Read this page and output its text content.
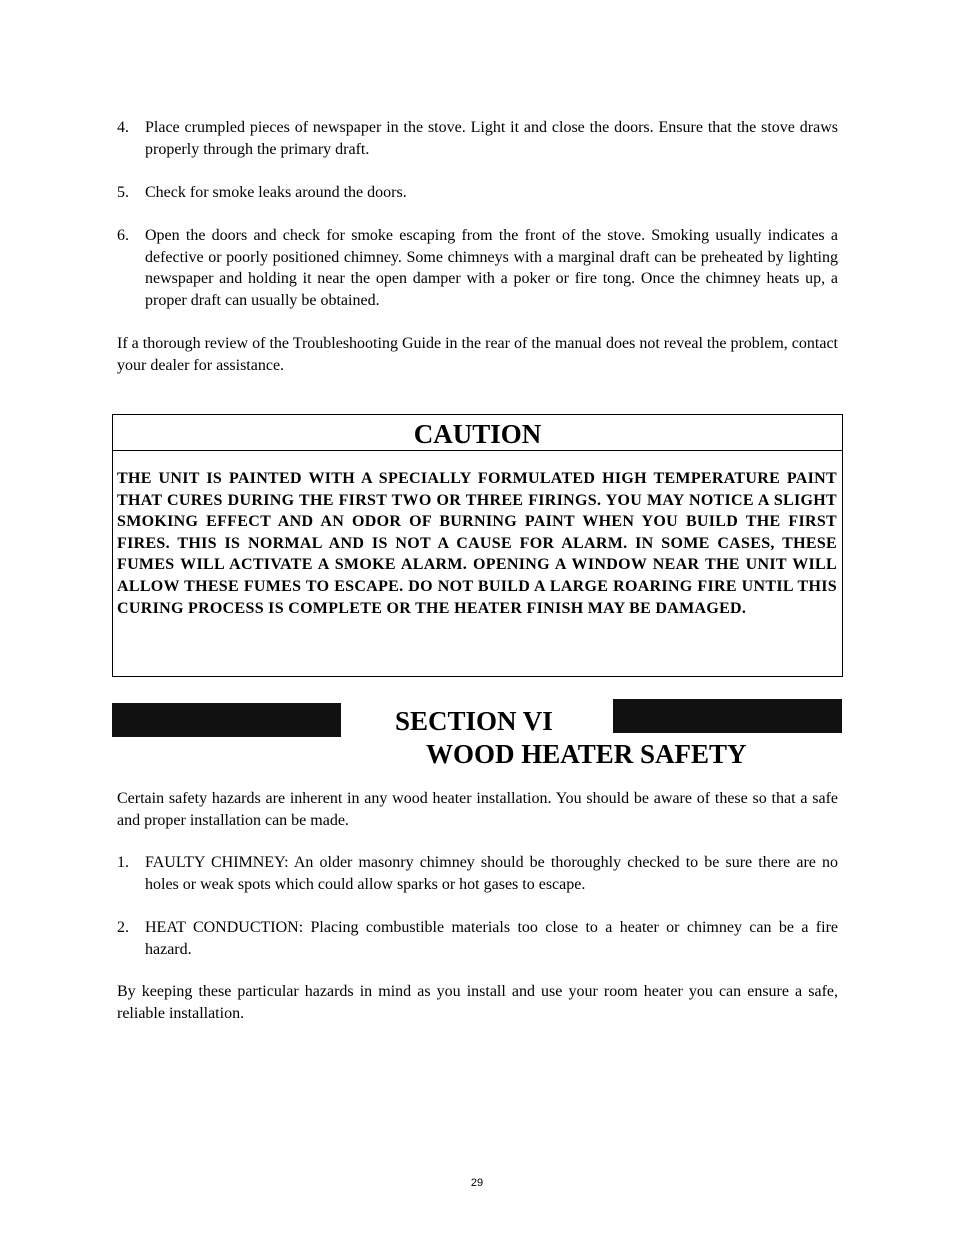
4.	Place crumpled pieces of newspaper in the stove. Light it and close the doors. Ensure that the stove draws properly through the primary draft.

5.	Check for smoke leaks around the doors.

6.	Open the doors and check for smoke escaping from the front of the stove. Smoking usually indicates a defective or poorly positioned chimney. Some chimneys with a marginal draft can be preheated by lighting newspaper and holding it near the open damper with a poker or fire tong. Once the chimney heats up, a proper draft can usually be obtained.

If a thorough review of the Troubleshooting Guide in the rear of the manual does not reveal the problem, contact your dealer for assistance.

CAUTION

THE UNIT IS PAINTED WITH A SPECIALLY FORMULATED HIGH TEMPERATURE PAINT THAT CURES DURING THE FIRST TWO OR THREE FIRINGS. YOU MAY NOTICE A SLIGHT SMOKING EFFECT AND AN ODOR OF BURNING PAINT WHEN YOU BUILD THE FIRST FIRES. THIS IS NORMAL AND IS NOT A CAUSE FOR ALARM. IN SOME CASES, THESE FUMES WILL ACTIVATE A SMOKE ALARM. OPENING A WINDOW NEAR THE UNIT WILL ALLOW THESE FUMES TO ESCAPE. DO NOT BUILD A LARGE ROARING FIRE UNTIL THIS CURING PROCESS IS COMPLETE OR THE HEATER FINISH MAY BE DAMAGED.

SECTION VI
WOOD HEATER SAFETY

Certain safety hazards are inherent in any wood heater installation. You should be aware of these so that a safe and proper installation can be made.

1.	FAULTY CHIMNEY: An older masonry chimney should be thoroughly checked to be sure there are no holes or weak spots which could allow sparks or hot gases to escape.

2.	HEAT CONDUCTION: Placing combustible materials too close to a heater or chimney can be a fire hazard.

By keeping these particular hazards in mind as you install and use your room heater you can ensure a safe, reliable installation.

29
